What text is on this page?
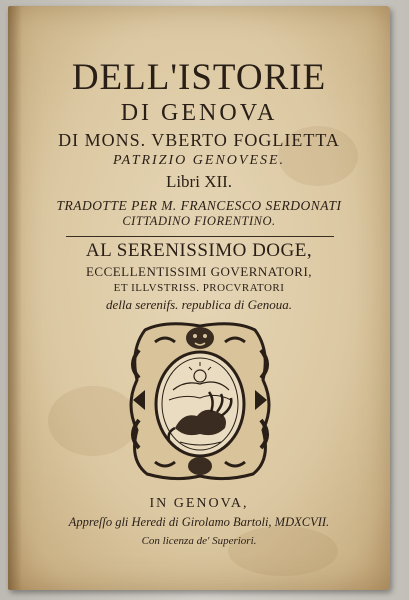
DELL'ISTORIE
DI GENOVA
DI MONS. VBERTO FOGLIETTA
PATRIZIO GENOVESE.
Libri XII.
TRADOTTE PER M. FRANCESCO SERDONATI
CITTADINO FIORENTINO.
AL SERENISSIMO DOGE,
ECCELLENTISSIMI GOVERNATORI,
ET ILLVSTRISS. PROCVRATORI
della serenifs. republica di Genoua.
IN GENOVA,
Appreſſo gli Heredi di Girolamo Bartoli, MDXCVII.
Con licenza de' Superiori.
